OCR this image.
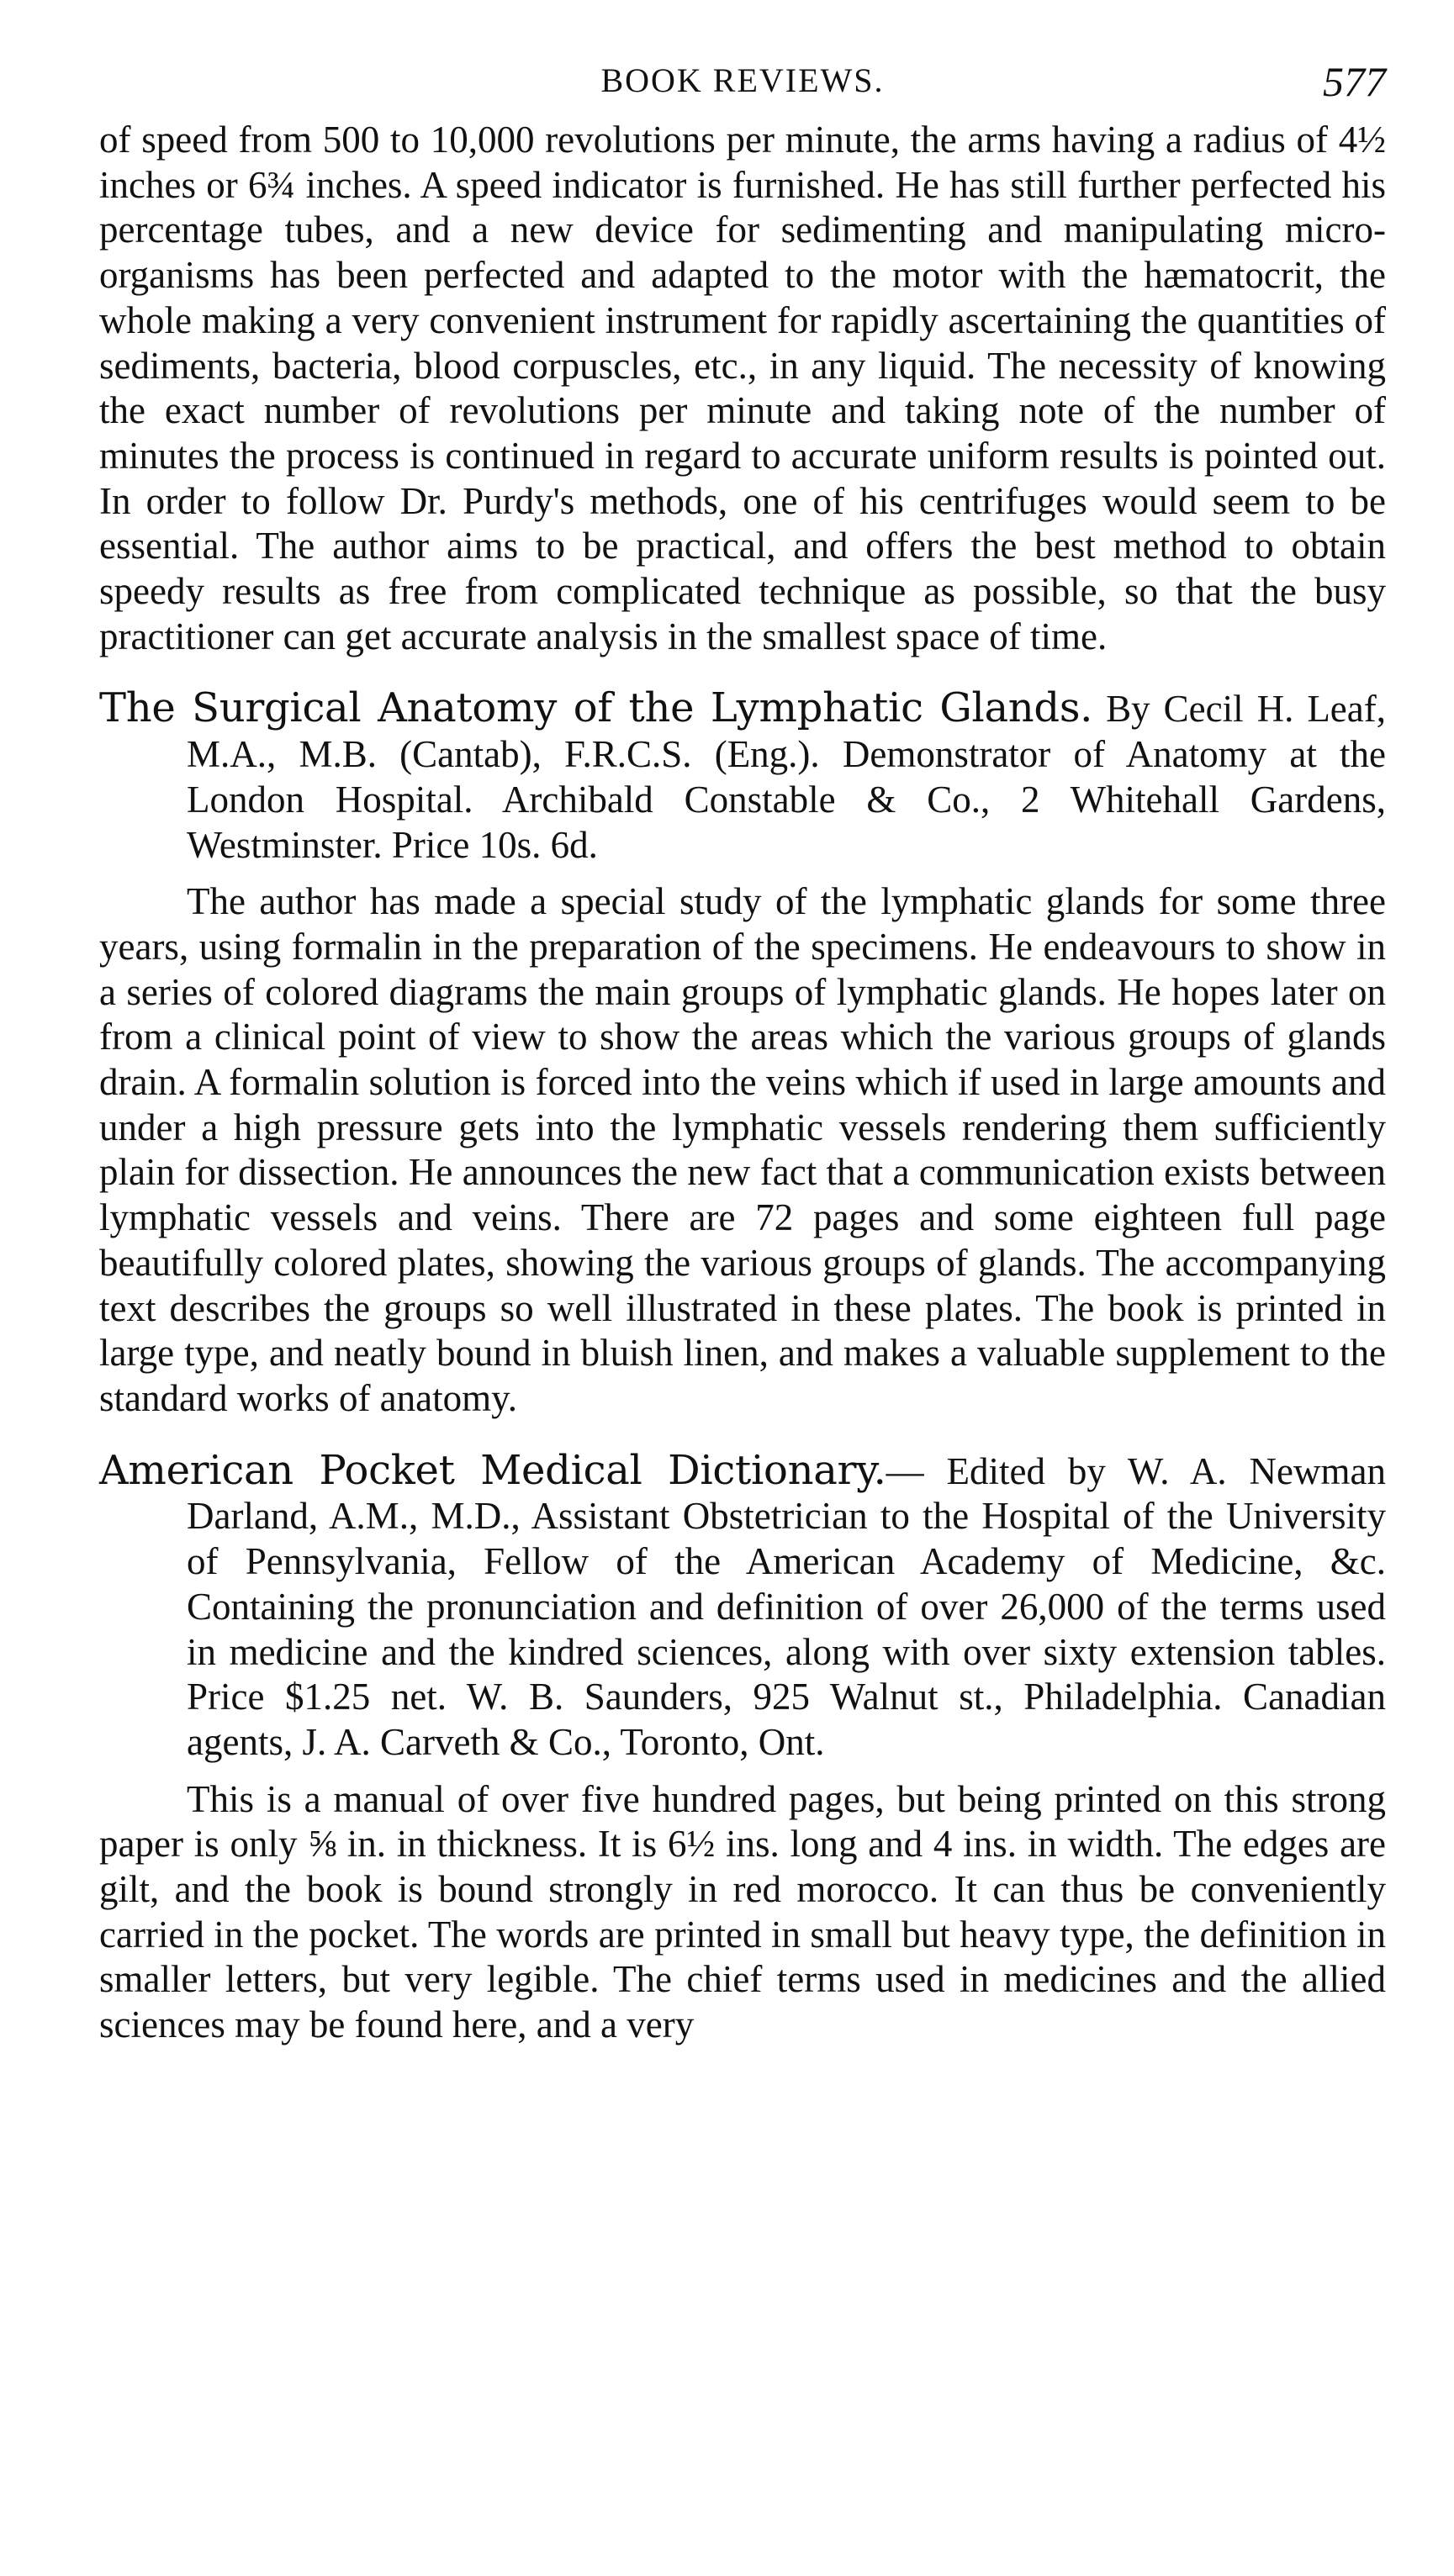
BOOK REVIEWS.	577

of speed from 500 to 10,000 revolutions per minute, the arms having a radius of 4½ inches or 6¾ inches. A speed indicator is furnished. He has still further perfected his percentage tubes, and a new device for sedimenting and manipulating micro-organisms has been perfected and adapted to the motor with the hæmatocrit, the whole making a very convenient instrument for rapidly ascertaining the quantities of sediments, bacteria, blood corpuscles, etc., in any liquid. The necessity of knowing the exact number of revolutions per minute and taking note of the number of minutes the process is continued in regard to accurate uniform results is pointed out. In order to follow Dr. Purdy's methods, one of his centrifuges would seem to be essential. The author aims to be practical, and offers the best method to obtain speedy results as free from complicated technique as possible, so that the busy practitioner can get accurate analysis in the smallest space of time.

The Surgical Anatomy of the Lymphatic Glands. By Cecil H. Leaf, M.A., M.B. (Cantab), F.R.C.S. (Eng.). Demonstrator of Anatomy at the London Hospital. Archibald Constable & Co., 2 Whitehall Gardens, Westminster. Price 10s. 6d.

The author has made a special study of the lymphatic glands for some three years, using formalin in the preparation of the specimens. He endeavours to show in a series of colored diagrams the main groups of lymphatic glands. He hopes later on from a clinical point of view to show the areas which the various groups of glands drain. A formalin solution is forced into the veins which if used in large amounts and under a high pressure gets into the lymphatic vessels rendering them sufficiently plain for dissection. He announces the new fact that a communication exists between lymphatic vessels and veins. There are 72 pages and some eighteen full page beautifully colored plates, showing the various groups of glands. The accompanying text describes the groups so well illustrated in these plates. The book is printed in large type, and neatly bound in bluish linen, and makes a valuable supplement to the standard works of anatomy.

American Pocket Medical Dictionary.— Edited by W. A. Newman Darland, A.M., M.D., Assistant Obstetrician to the Hospital of the University of Pennsylvania, Fellow of the American Academy of Medicine, &c. Containing the pronunciation and definition of over 26,000 of the terms used in medicine and the kindred sciences, along with over sixty extension tables. Price $1.25 net. W. B. Saunders, 925 Walnut st., Philadelphia. Canadian agents, J. A. Carveth & Co., Toronto, Ont.

This is a manual of over five hundred pages, but being printed on this strong paper is only ⅝ in. in thickness. It is 6½ ins. long and 4 ins. in width. The edges are gilt, and the book is bound strongly in red morocco. It can thus be conveniently carried in the pocket. The words are printed in small but heavy type, the definition in smaller letters, but very legible. The chief terms used in medicines and the allied sciences may be found here, and a very
